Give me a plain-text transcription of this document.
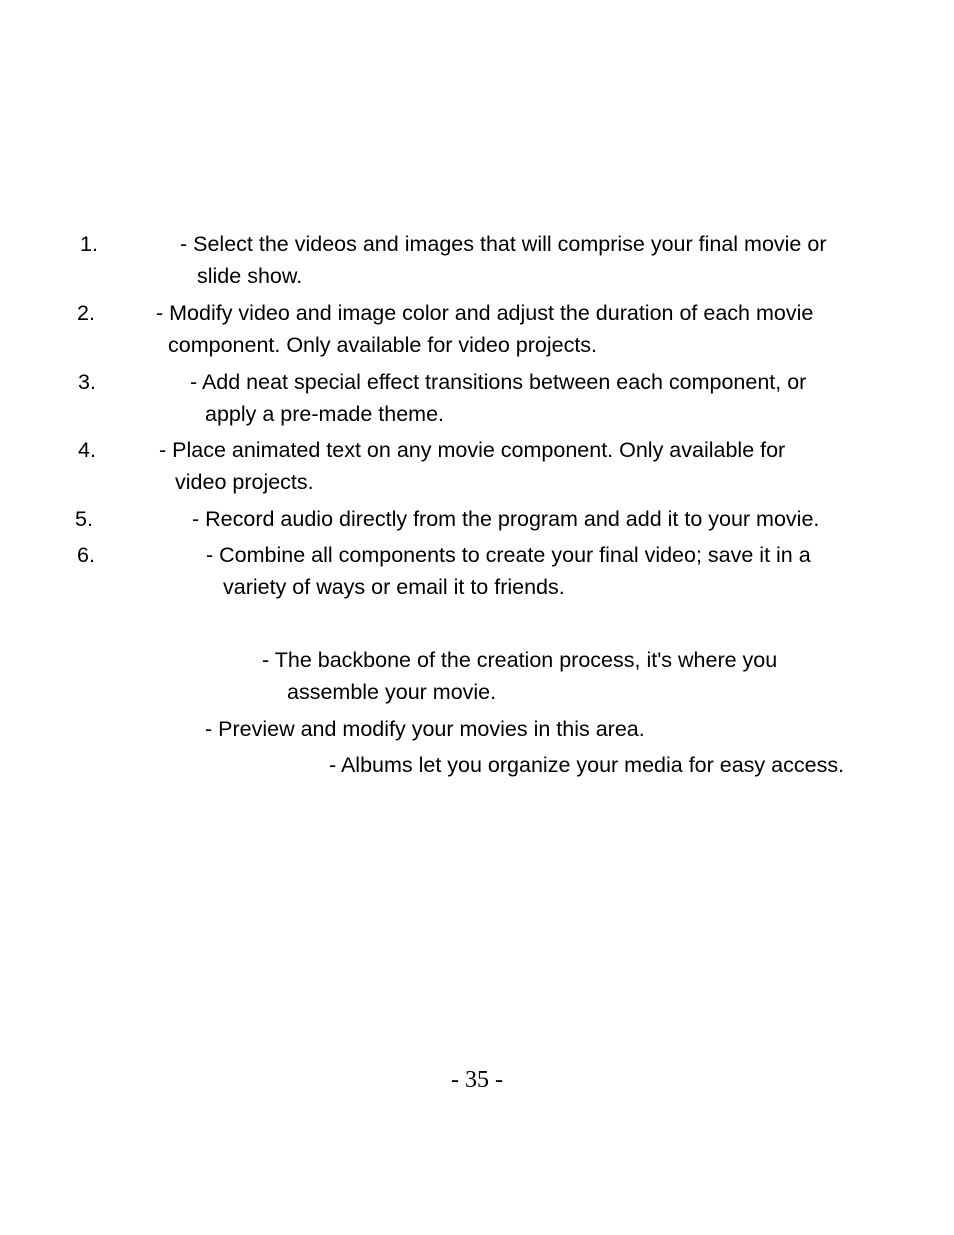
1.	- Select the videos and images that will comprise your final movie or
slide show.
2.	- Modify video and image color and adjust the duration of each movie
component. Only available for video projects.
3.	- Add neat special effect transitions between each component, or
apply a pre-made theme.
4.	- Place animated text on any movie component. Only available for
video projects.
5.	- Record audio directly from the program and add it to your movie.
6.	- Combine all components to create your final video; save it in a
variety of ways or email it to friends.
- The backbone of the creation process, it's where you
assemble your movie.
- Preview and modify your movies in this area.
- Albums let you organize your media for easy access.
- 35 -
